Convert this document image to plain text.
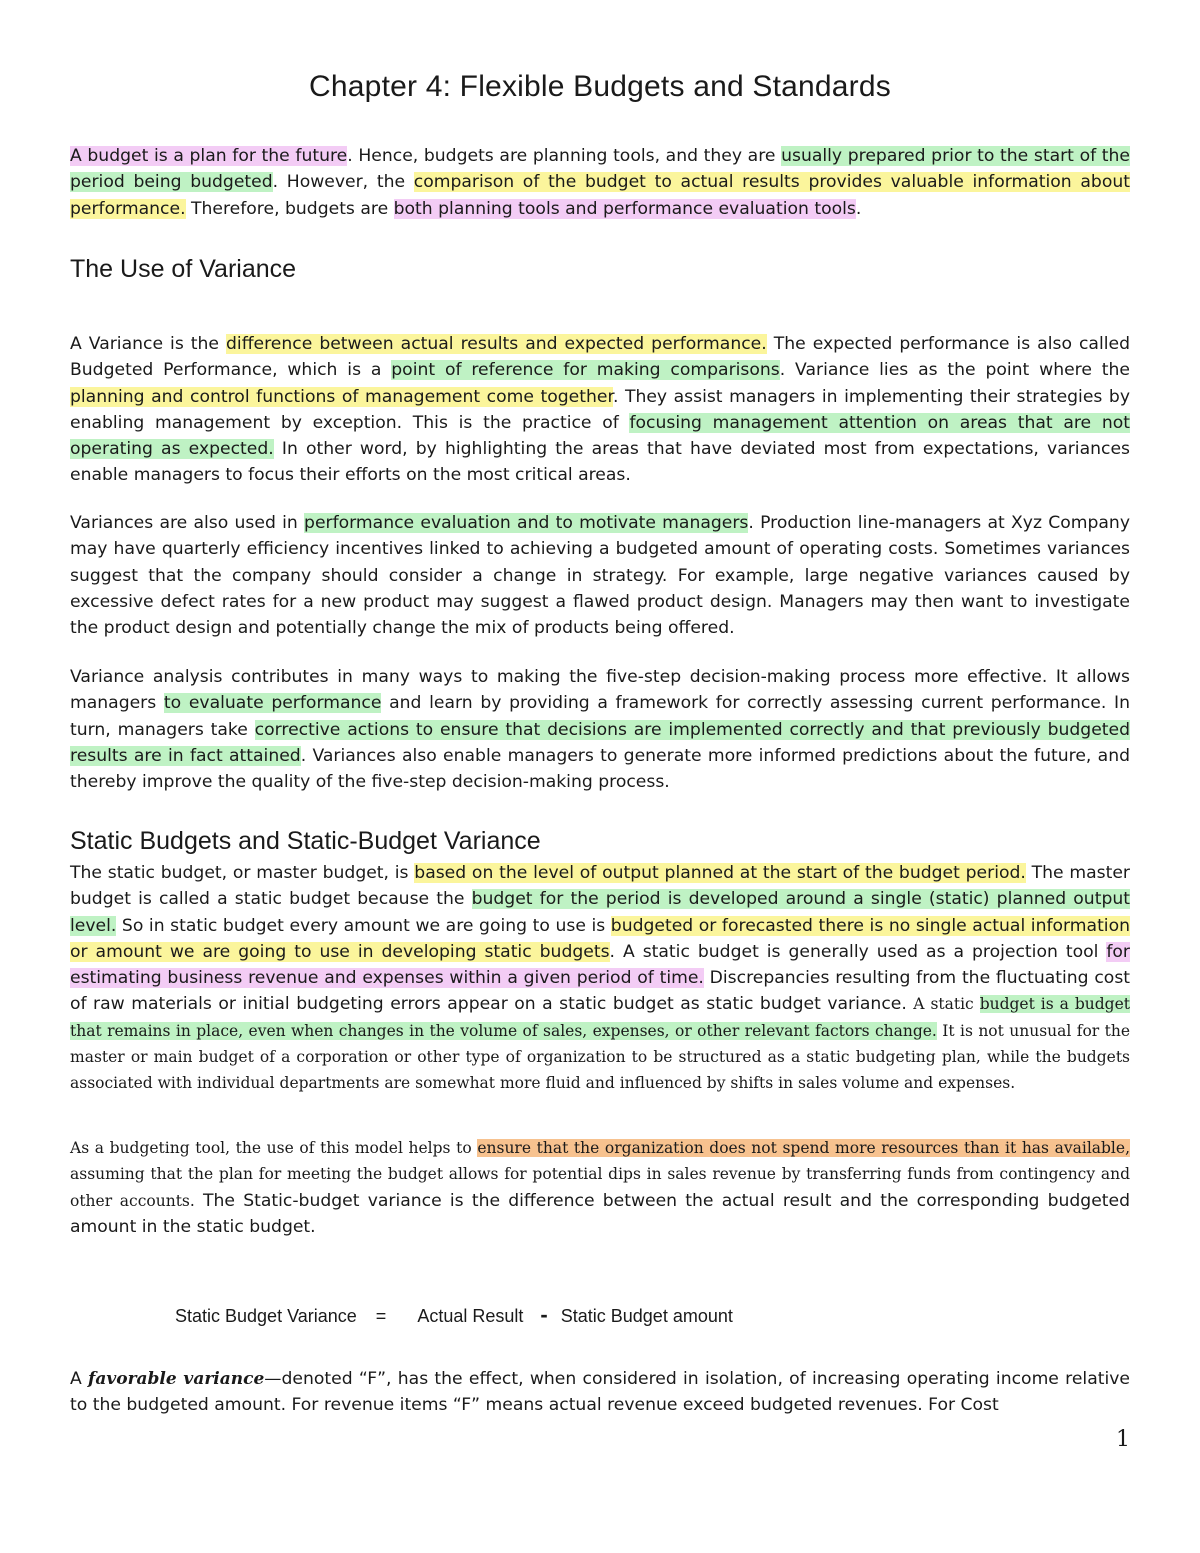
Chapter 4: Flexible Budgets and Standards

A budget is a plan for the future. Hence, budgets are planning tools, and they are usually prepared prior to the start of the period being budgeted. However, the comparison of the budget to actual results provides valuable information about performance. Therefore, budgets are both planning tools and performance evaluation tools.

The Use of Variance

A Variance is the difference between actual results and expected performance. The expected performance is also called Budgeted Performance, which is a point of reference for making comparisons. Variance lies as the point where the planning and control functions of management come together. They assist managers in implementing their strategies by enabling management by exception. This is the practice of focusing management attention on areas that are not operating as expected. In other word, by highlighting the areas that have deviated most from expectations, variances enable managers to focus their efforts on the most critical areas.

Variances are also used in performance evaluation and to motivate managers. Production line-managers at Xyz Company may have quarterly efficiency incentives linked to achieving a budgeted amount of operating costs. Sometimes variances suggest that the company should consider a change in strategy. For example, large negative variances caused by excessive defect rates for a new product may suggest a flawed product design. Managers may then want to investigate the product design and potentially change the mix of products being offered.

Variance analysis contributes in many ways to making the five-step decision-making process more effective. It allows managers to evaluate performance and learn by providing a framework for correctly assessing current performance. In turn, managers take corrective actions to ensure that decisions are implemented correctly and that previously budgeted results are in fact attained. Variances also enable managers to generate more informed predictions about the future, and thereby improve the quality of the five-step decision-making process.

Static Budgets and Static-Budget Variance

The static budget, or master budget, is based on the level of output planned at the start of the budget period. The master budget is called a static budget because the budget for the period is developed around a single (static) planned output level. So in static budget every amount we are going to use is budgeted or forecasted there is no single actual information or amount we are going to use in developing static budgets. A static budget is generally used as a projection tool for estimating business revenue and expenses within a given period of time. Discrepancies resulting from the fluctuating cost of raw materials or initial budgeting errors appear on a static budget as static budget variance. A static budget is a budget that remains in place, even when changes in the volume of sales, expenses, or other relevant factors change. It is not unusual for the master or main budget of a corporation or other type of organization to be structured as a static budgeting plan, while the budgets associated with individual departments are somewhat more fluid and influenced by shifts in sales volume and expenses.

As a budgeting tool, the use of this model helps to ensure that the organization does not spend more resources than it has available, assuming that the plan for meeting the budget allows for potential dips in sales revenue by transferring funds from contingency and other accounts. The Static-budget variance is the difference between the actual result and the corresponding budgeted amount in the static budget.

Static Budget Variance = Actual Result - Static Budget amount

A favorable variance—denoted “F”, has the effect, when considered in isolation, of increasing operating income relative to the budgeted amount. For revenue items “F” means actual revenue exceed budgeted revenues. For Cost

1
